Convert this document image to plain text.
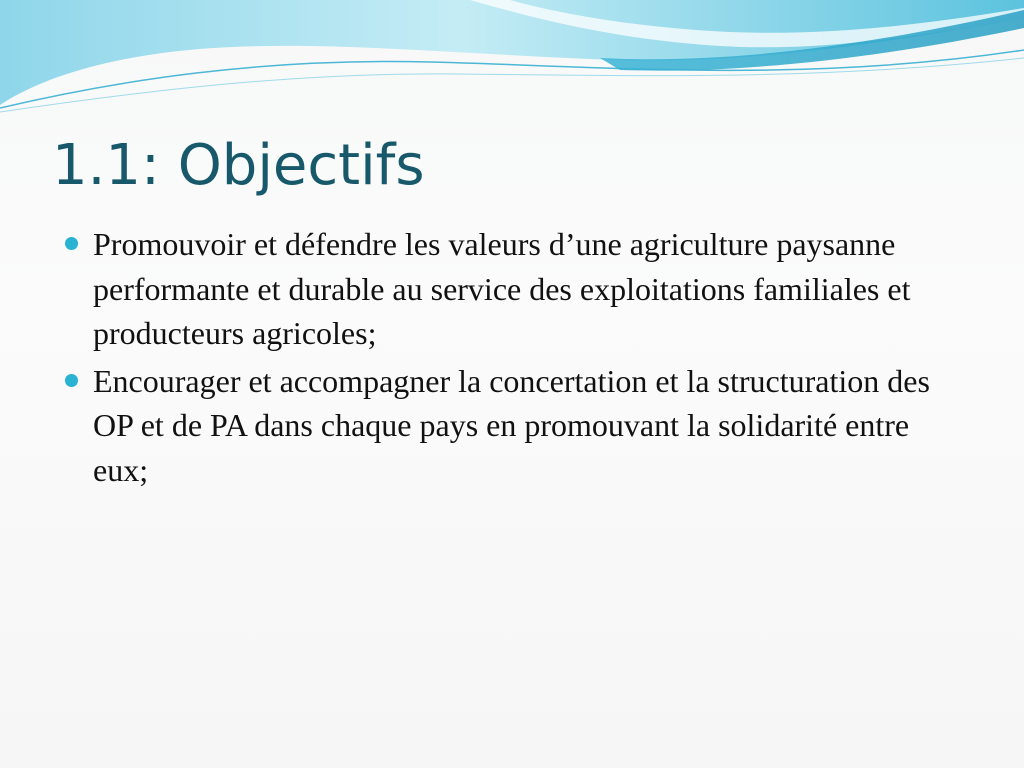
1.1: Objectifs
Promouvoir et défendre les valeurs d’une agriculture paysanne performante et durable au service des exploitations familiales et producteurs agricoles;
Encourager et accompagner la concertation et la structuration des OP et de PA dans chaque pays en promouvant la solidarité entre eux;
